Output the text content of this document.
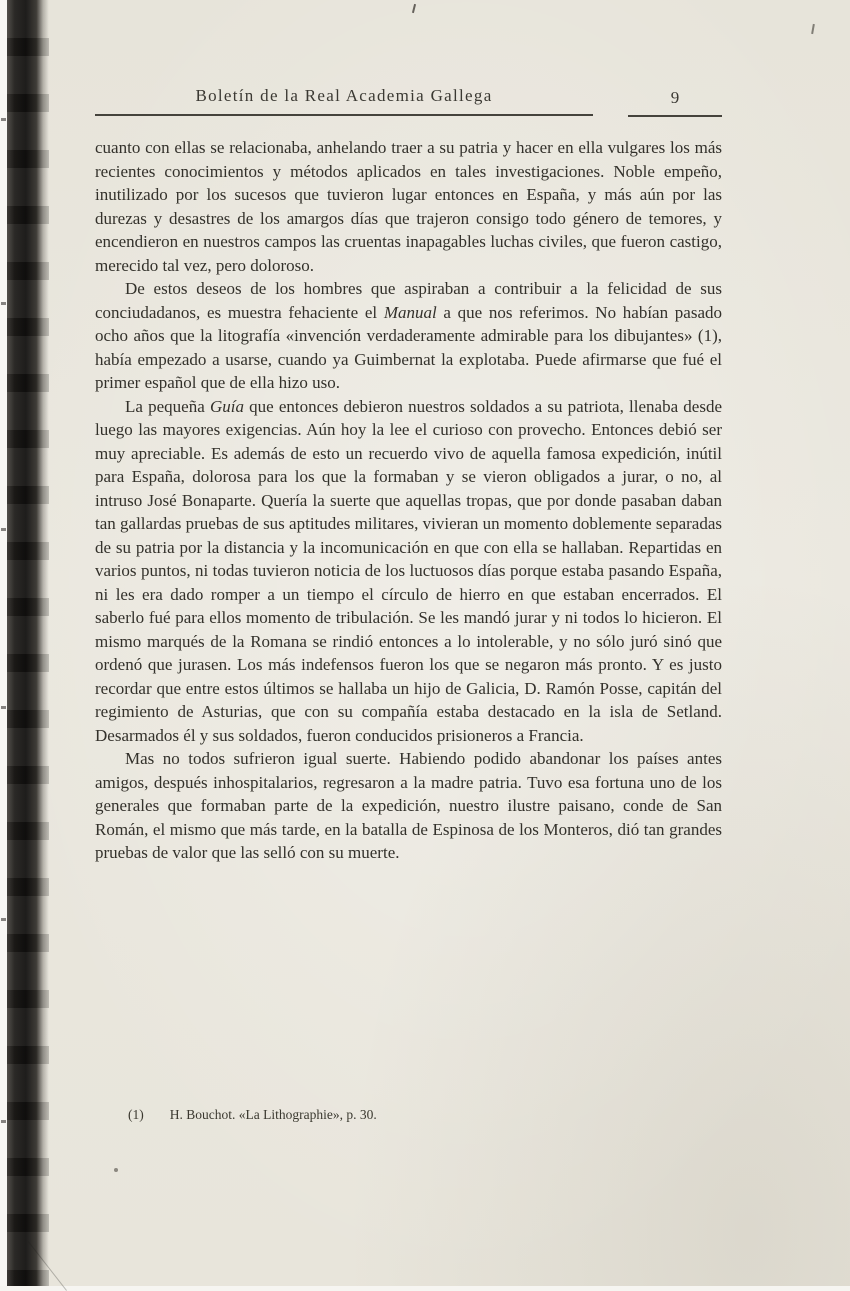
Boletín de la Real Academia Gallega	9

cuanto con ellas se relacionaba, anhelando traer a su patria y hacer en ella vulgares los más recientes conocimientos y métodos aplicados en tales investigaciones. Noble empeño, inutilizado por los sucesos que tuvieron lugar entonces en España, y más aún por las durezas y desastres de los amargos días que trajeron consigo todo género de temores, y encendieron en nuestros campos las cruentas inapagables luchas civiles, que fueron castigo, merecido tal vez, pero doloroso.

De estos deseos de los hombres que aspiraban a contribuir a la felicidad de sus conciudadanos, es muestra fehaciente el Manual a que nos referimos. No habían pasado ocho años que la litografía «invención verdaderamente admirable para los dibujantes» (1), había empezado a usarse, cuando ya Guimbernat la explotaba. Puede afirmarse que fué el primer español que de ella hizo uso.

La pequeña Guía que entonces debieron nuestros soldados a su patriota, llenaba desde luego las mayores exigencias. Aún hoy la lee el curioso con provecho. Entonces debió ser muy apreciable. Es además de esto un recuerdo vivo de aquella famosa expedición, inútil para España, dolorosa para los que la formaban y se vieron obligados a jurar, o no, al intruso José Bonaparte. Quería la suerte que aquellas tropas, que por donde pasaban daban tan gallardas pruebas de sus aptitudes militares, vivieran un momento doblemente separadas de su patria por la distancia y la incomunicación en que con ella se hallaban. Repartidas en varios puntos, ni todas tuvieron noticia de los luctuosos días porque estaba pasando España, ni les era dado romper a un tiempo el círculo de hierro en que estaban encerrados. El saberlo fué para ellos momento de tribulación. Se les mandó jurar y ni todos lo hicieron. El mismo marqués de la Romana se rindió entonces a lo intolerable, y no sólo juró sinó que ordenó que jurasen. Los más indefensos fueron los que se negaron más pronto. Y es justo recordar que entre estos últimos se hallaba un hijo de Galicia, D. Ramón Posse, capitán del regimiento de Asturias, que con su compañía estaba destacado en la isla de Setland. Desarmados él y sus soldados, fueron conducidos prisioneros a Francia.

Mas no todos sufrieron igual suerte. Habiendo podido abandonar los países antes amigos, después inhospitalarios, regresaron a la madre patria. Tuvo esa fortuna uno de los generales que formaban parte de la expedición, nuestro ilustre paisano, conde de San Román, el mismo que más tarde, en la batalla de Espinosa de los Monteros, dió tan grandes pruebas de valor que las selló con su muerte.

(1) H. Bouchot. «La Lithographie», p. 30.
